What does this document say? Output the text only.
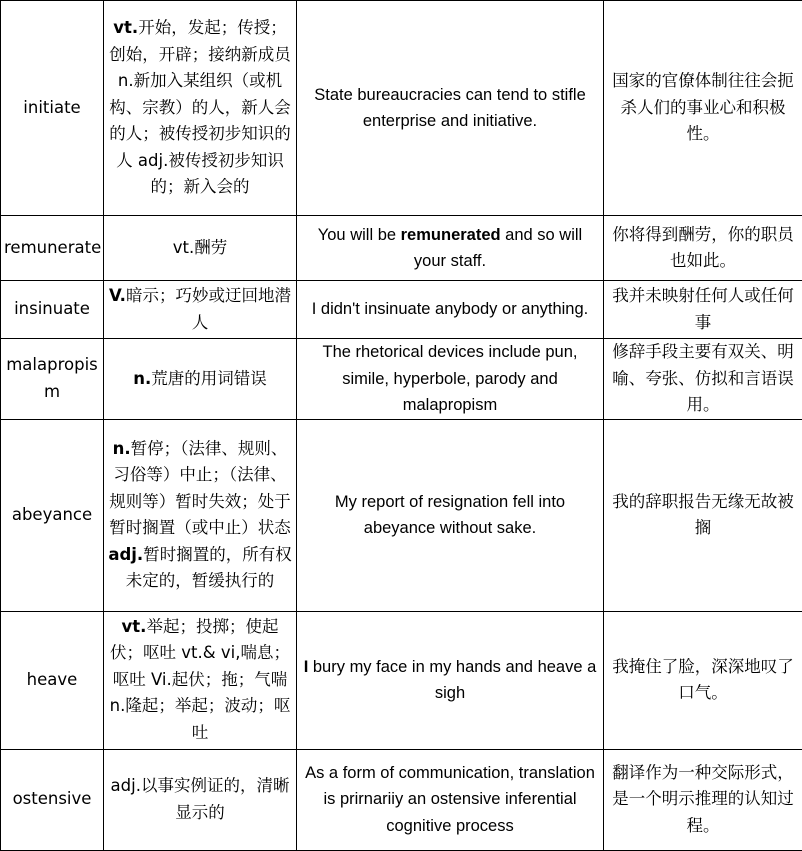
initiate	vt.开始，发起；传授；创始，开辟；接纳新成员 n.新加入某组织（或机构、宗教）的人，新人会的人；被传授初步知识的人 adj.被传授初步知识的；新入会的	State bureaucracies can tend to stifle enterprise and initiative.	国家的官僚体制往往会扼杀人们的事业心和积极性。
remunerate	vt.酬劳	You will be remunerated and so will your staff.	你将得到酬劳，你的职员也如此。
insinuate	V.暗示；巧妙或迂回地潜人	I didn't insinuate anybody or anything.	我并未映射任何人或任何事
malapropism	n.荒唐的用词错误	The rhetorical devices include pun, simile, hyperbole, parody and malapropism	修辞手段主要有双关、明喻、夸张、仿拟和言语误用。
abeyance	n.暂停；（法律、规则、习俗等）中止；（法律、规则等）暂时失效；处于暂时搁置（或中止）状态 adj.暂时搁置的，所有权未定的，暂缓执行的	My report of resignation fell into abeyance without sake.	我的辞职报告无缘无故被搁
heave	vt.举起；投掷；使起伏；呕吐 vt.& vi,喘息；呕吐 Vi.起伏；拖；气喘 n.隆起；举起；波动；呕吐	I bury my face in my hands and heave a sigh	我掩住了脸，深深地叹了 口气。
ostensive	adj.以事实例证的，清晰显示的	As a form of communication, translation is prirnariiy an ostensive inferential cognitive process	翻译作为一种交际形式，是一个明示推理的认知过程。
